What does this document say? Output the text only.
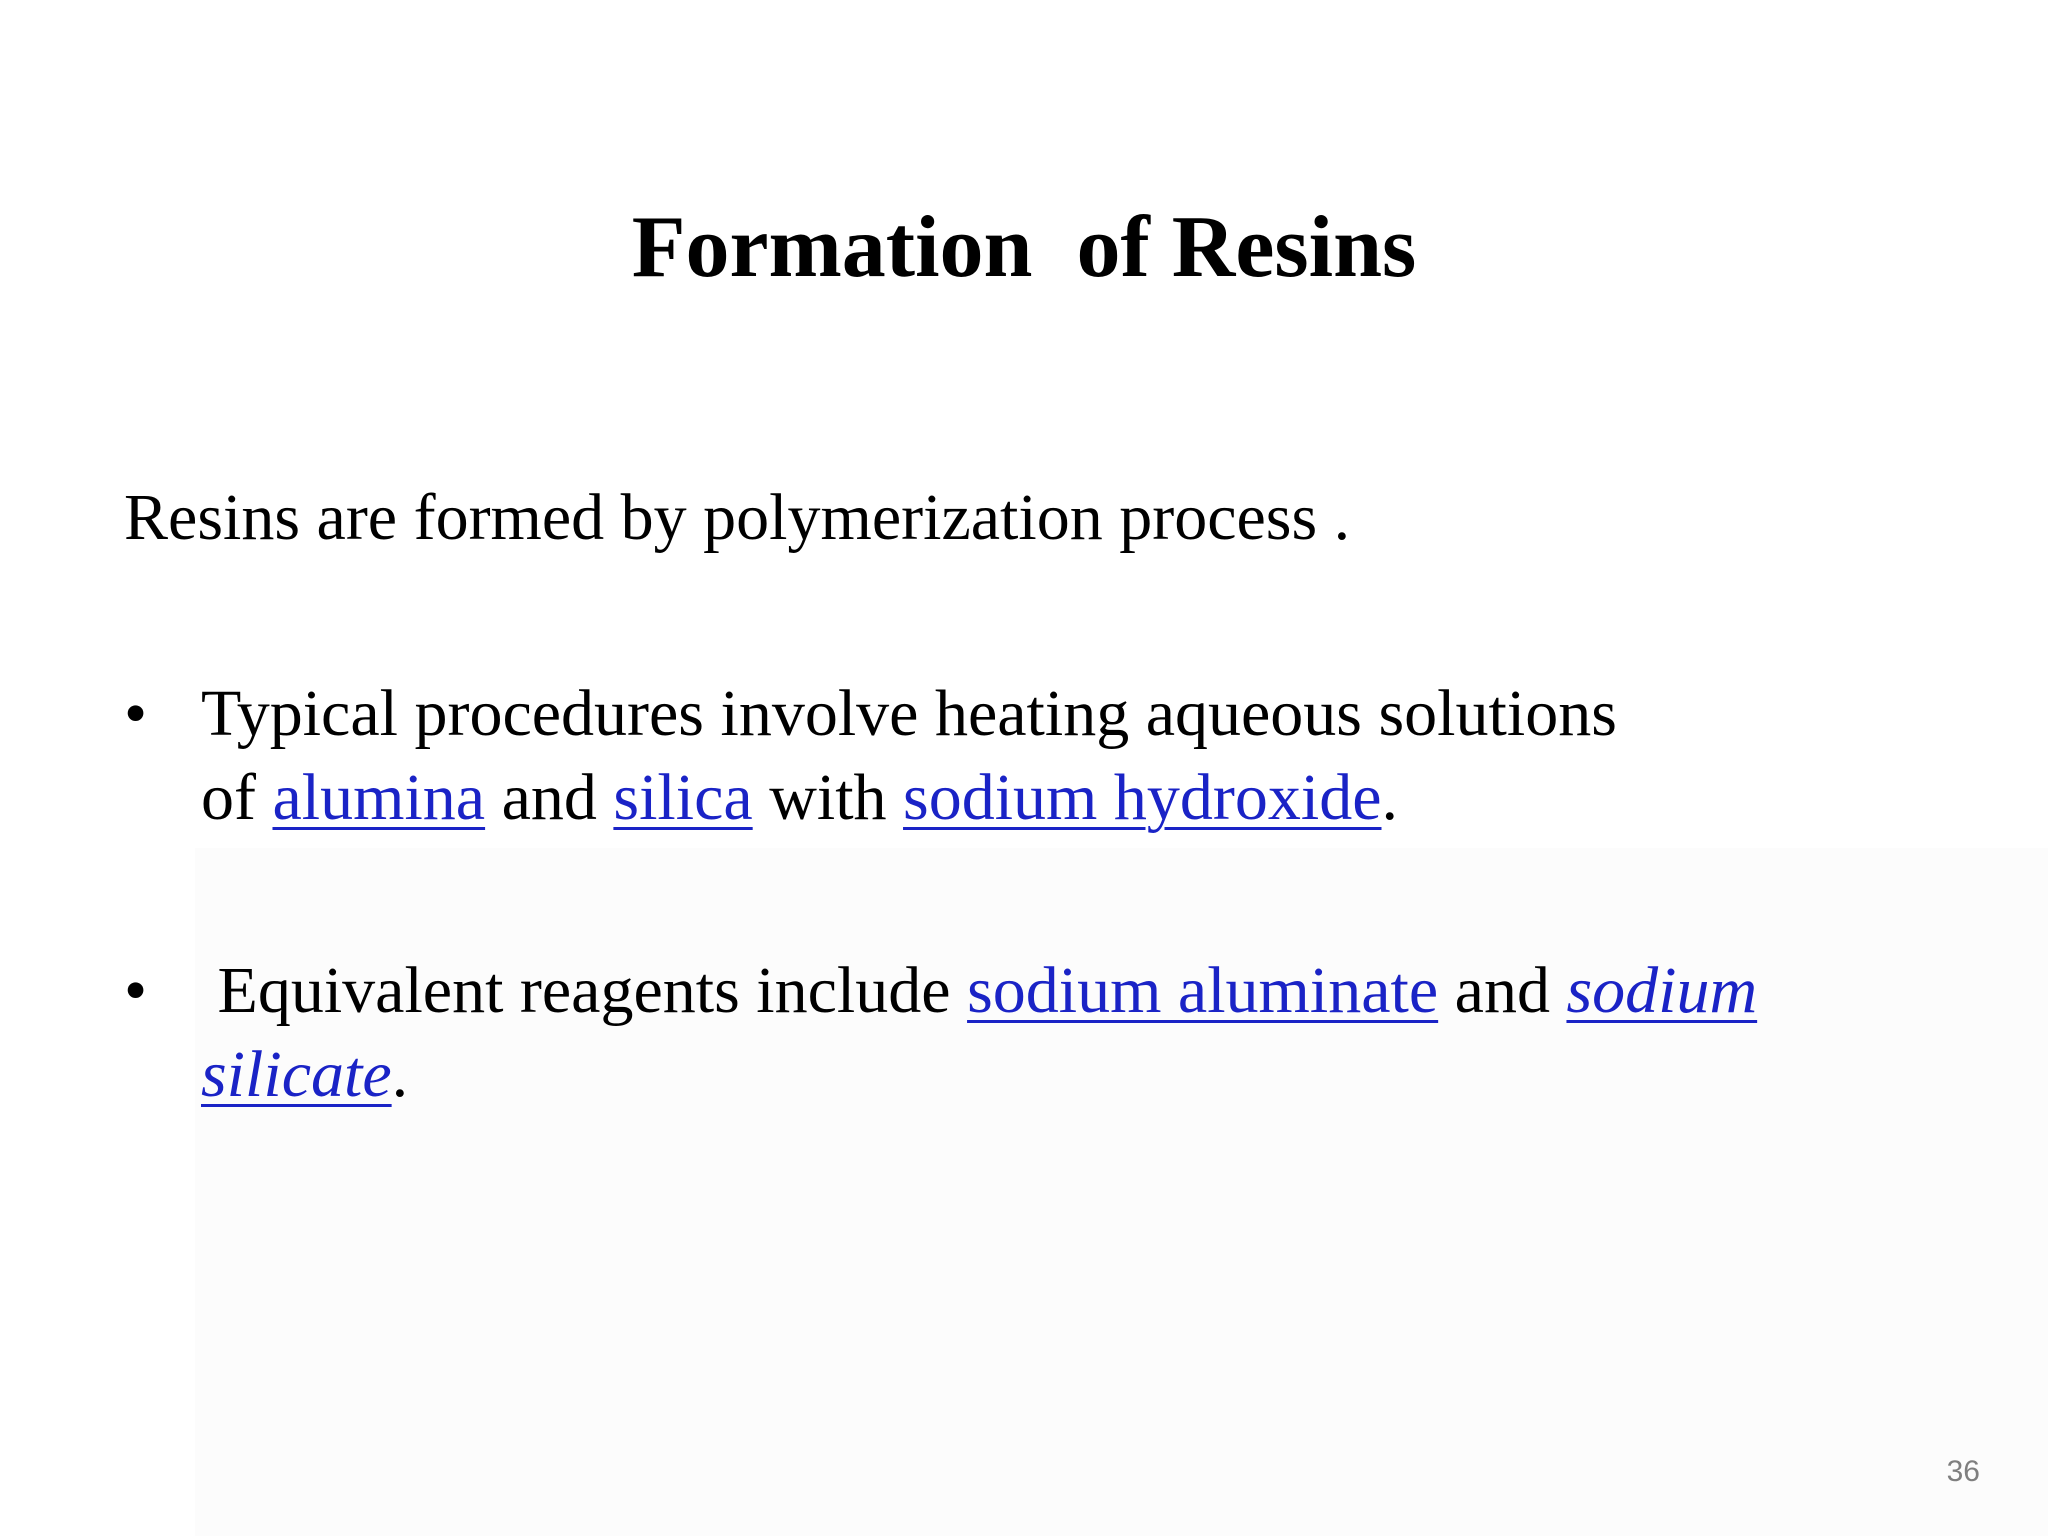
Formation  of Resins
Resins are formed by polymerization process .
• Typical procedures involve heating aqueous solutions
of alumina and silica with sodium hydroxide.
• Equivalent reagents include sodium aluminate and sodium
silicate.
36
